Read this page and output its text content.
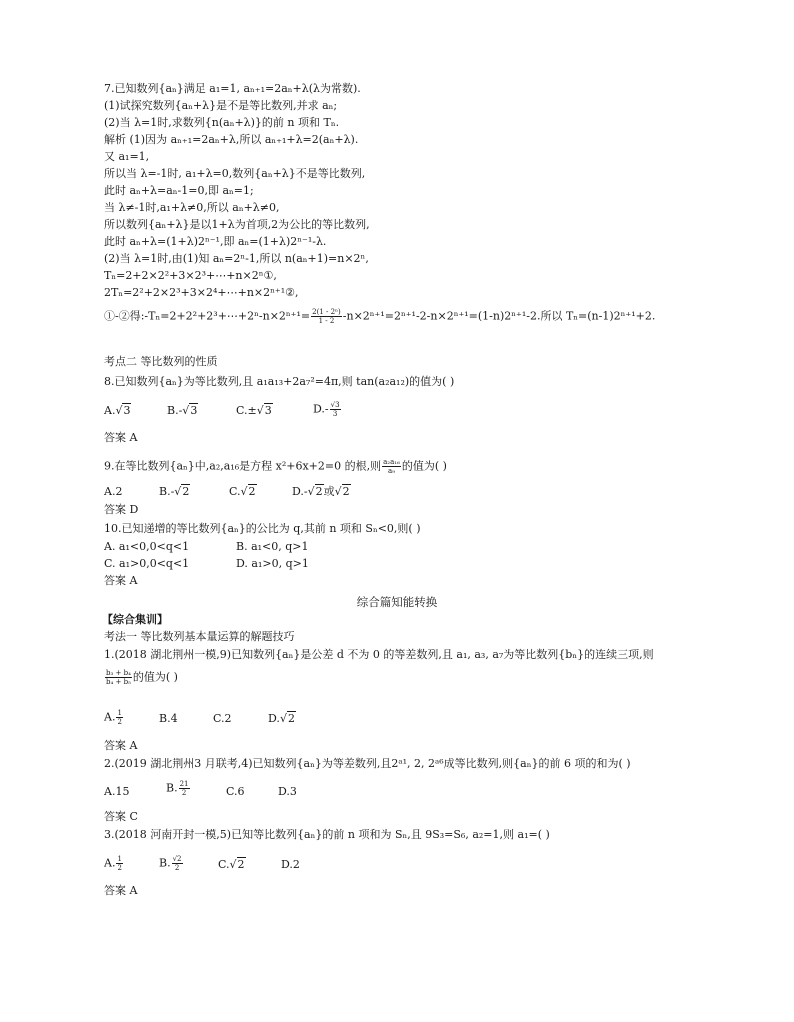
7.已知数列{aₙ}满足 a₁=1, aₙ₊₁=2aₙ+λ(λ为常数).
(1)试探究数列{aₙ+λ}是不是等比数列,并求 aₙ;
(2)当 λ=1时,求数列{n(aₙ+λ)}的前 n 项和 Tₙ.
解析 (1)因为 aₙ₊₁=2aₙ+λ,所以 aₙ₊₁+λ=2(aₙ+λ).
又 a₁=1,
所以当 λ=-1时, a₁+λ=0,数列{aₙ+λ}不是等比数列,
此时 aₙ+λ=aₙ-1=0,即 aₙ=1;
当 λ≠-1时,a₁+λ≠0,所以 aₙ+λ≠0,
所以数列{aₙ+λ}是以1+λ为首项,2为公比的等比数列,
此时 aₙ+λ=(1+λ)2ⁿ⁻¹,即 aₙ=(1+λ)2ⁿ⁻¹-λ.
(2)当 λ=1时,由(1)知 aₙ=2ⁿ-1,所以 n(aₙ+1)=n×2ⁿ,
Tₙ=2+2×2²+3×2³+⋯+n×2ⁿ①,
2Tₙ=2²+2×2³+3×2⁴+⋯+n×2ⁿ⁺¹②,
①-②得:-Tₙ=2+2²+2³+⋯+2ⁿ-n×2ⁿ⁺¹= $\frac{\text{2(1 - 2ⁿ)}}{1 - 2} -n\times 2^{n+1}=2^{n+1}-2-n\times 2^{n+1}=(1-n)2^{n+1}-2$.所以 Tₙ=(n-1)2ⁿ⁺¹+2.
考点二 等比数列的性质
8.已知数列{aₙ}为等比数列,且 a₁a₁₃+2a₇²=4π,则 tan(a₂a₁₂)的值为( )
A.√3	B.-√3	C.±√3	$D.- \frac{√3}{3}$
答案 A
9.在等比数列{aₙ}中,a₂,a₁₆是方程 x²+6x+2=0 的根,则 $\frac{\text{a₂a₁₆}}{\text{a₉}}$ 的值为( )
A.2	B.-√2	C.√2	D.-√2或√2
答案 D
10.已知递增的等比数列{aₙ}的公比为 q,其前 n 项和 Sₙ<0,则( )
A. a₁<0,0<q<1	B. a₁<0, q>1
C. a₁>0,0<q<1	D. a₁>0, q>1
答案 A
综合篇知能转换
【综合集训】
考法一 等比数列基本量运算的解题技巧
1.(2018 湖北荆州一模,9)已知数列{aₙ}是公差 d 不为 0 的等差数列,且 a₁, a₃, a₇为等比数列{bₙ}的连续三项,则
$\frac{\text{b₃ + b₄}}{\text{b₄ + b₅}}$ 的值为( )
A. $\frac{1}{2}$	B.4	C.2	D.√2
答案 A
2.(2019 湖北荆州3 月联考,4)已知数列{aₙ}为等差数列,且2ᵃ¹, 2, 2ᵃ⁶成等比数列,则{aₙ}的前 6 项的和为( )
A.15	B. $\frac{21}{2}$	C.6	D.3
答案 C
3.(2018 河南开封一模,5)已知等比数列{aₙ}的前 n 项和为 Sₙ,且 9S₃=S₆, a₂=1,则 a₁=( )
A. $\frac{1}{2}$	B. $\frac{√2}{2}$	C.√2	D.2
答案 A
